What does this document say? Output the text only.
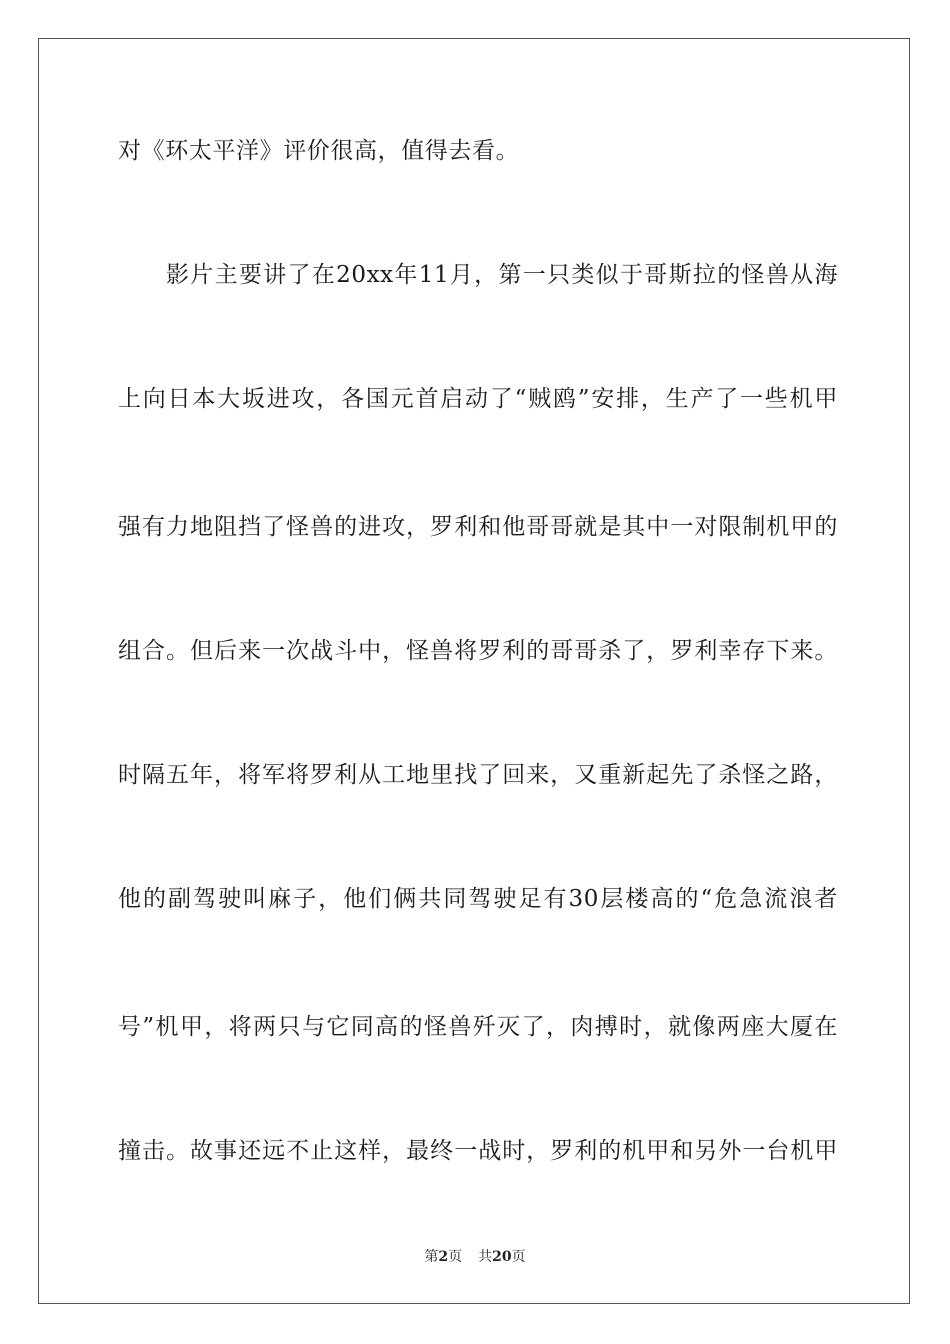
对《环太平洋》评价很高，值得去看。

影片主要讲了在20xx年11月，第一只类似于哥斯拉的怪兽从海

上向日本大坂进攻，各国元首启动了“贼鸥”安排，生产了一些机甲

强有力地阻挡了怪兽的进攻，罗利和他哥哥就是其中一对限制机甲的

组合。但后来一次战斗中，怪兽将罗利的哥哥杀了，罗利幸存下来。

时隔五年，将军将罗利从工地里找了回来，又重新起先了杀怪之路，

他的副驾驶叫麻子，他们俩共同驾驶足有30层楼高的“危急流浪者

号”机甲，将两只与它同高的怪兽歼灭了，肉搏时，就像两座大厦在

撞击。故事还远不止这样，最终一战时，罗利的机甲和另外一台机甲

第2页 共20页
